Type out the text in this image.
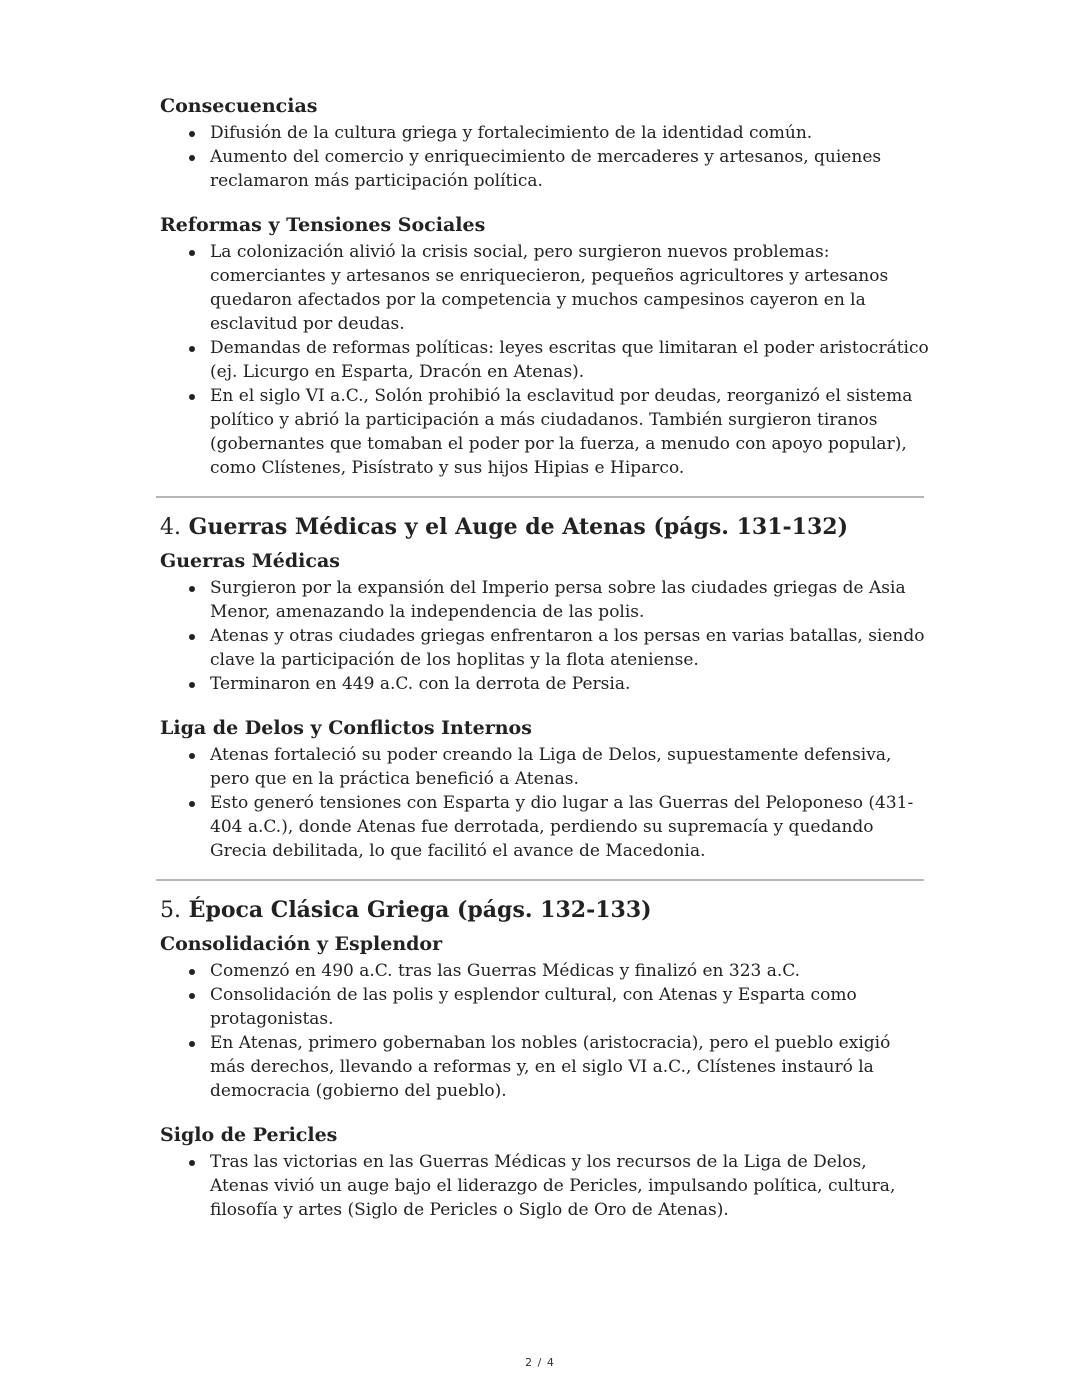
Consecuencias
Difusión de la cultura griega y fortalecimiento de la identidad común.
Aumento del comercio y enriquecimiento de mercaderes y artesanos, quienes reclamaron más participación política.
Reformas y Tensiones Sociales
La colonización alivió la crisis social, pero surgieron nuevos problemas: comerciantes y artesanos se enriquecieron, pequeños agricultores y artesanos quedaron afectados por la competencia y muchos campesinos cayeron en la esclavitud por deudas.
Demandas de reformas políticas: leyes escritas que limitaran el poder aristocrático (ej. Licurgo en Esparta, Dracón en Atenas).
En el siglo VI a.C., Solón prohibió la esclavitud por deudas, reorganizó el sistema político y abrió la participación a más ciudadanos. También surgieron tiranos (gobernantes que tomaban el poder por la fuerza, a menudo con apoyo popular), como Clístenes, Pisístrato y sus hijos Hipias e Hiparco.
4. Guerras Médicas y el Auge de Atenas (págs. 131-132)
Guerras Médicas
Surgieron por la expansión del Imperio persa sobre las ciudades griegas de Asia Menor, amenazando la independencia de las polis.
Atenas y otras ciudades griegas enfrentaron a los persas en varias batallas, siendo clave la participación de los hoplitas y la flota ateniense.
Terminaron en 449 a.C. con la derrota de Persia.
Liga de Delos y Conflictos Internos
Atenas fortaleció su poder creando la Liga de Delos, supuestamente defensiva, pero que en la práctica benefició a Atenas.
Esto generó tensiones con Esparta y dio lugar a las Guerras del Peloponeso (431-404 a.C.), donde Atenas fue derrotada, perdiendo su supremacía y quedando Grecia debilitada, lo que facilitó el avance de Macedonia.
5. Época Clásica Griega (págs. 132-133)
Consolidación y Esplendor
Comenzó en 490 a.C. tras las Guerras Médicas y finalizó en 323 a.C.
Consolidación de las polis y esplendor cultural, con Atenas y Esparta como protagonistas.
En Atenas, primero gobernaban los nobles (aristocracia), pero el pueblo exigió más derechos, llevando a reformas y, en el siglo VI a.C., Clístenes instauró la democracia (gobierno del pueblo).
Siglo de Pericles
Tras las victorias en las Guerras Médicas y los recursos de la Liga de Delos, Atenas vivió un auge bajo el liderazgo de Pericles, impulsando política, cultura, filosofía y artes (Siglo de Pericles o Siglo de Oro de Atenas).
2 / 4
